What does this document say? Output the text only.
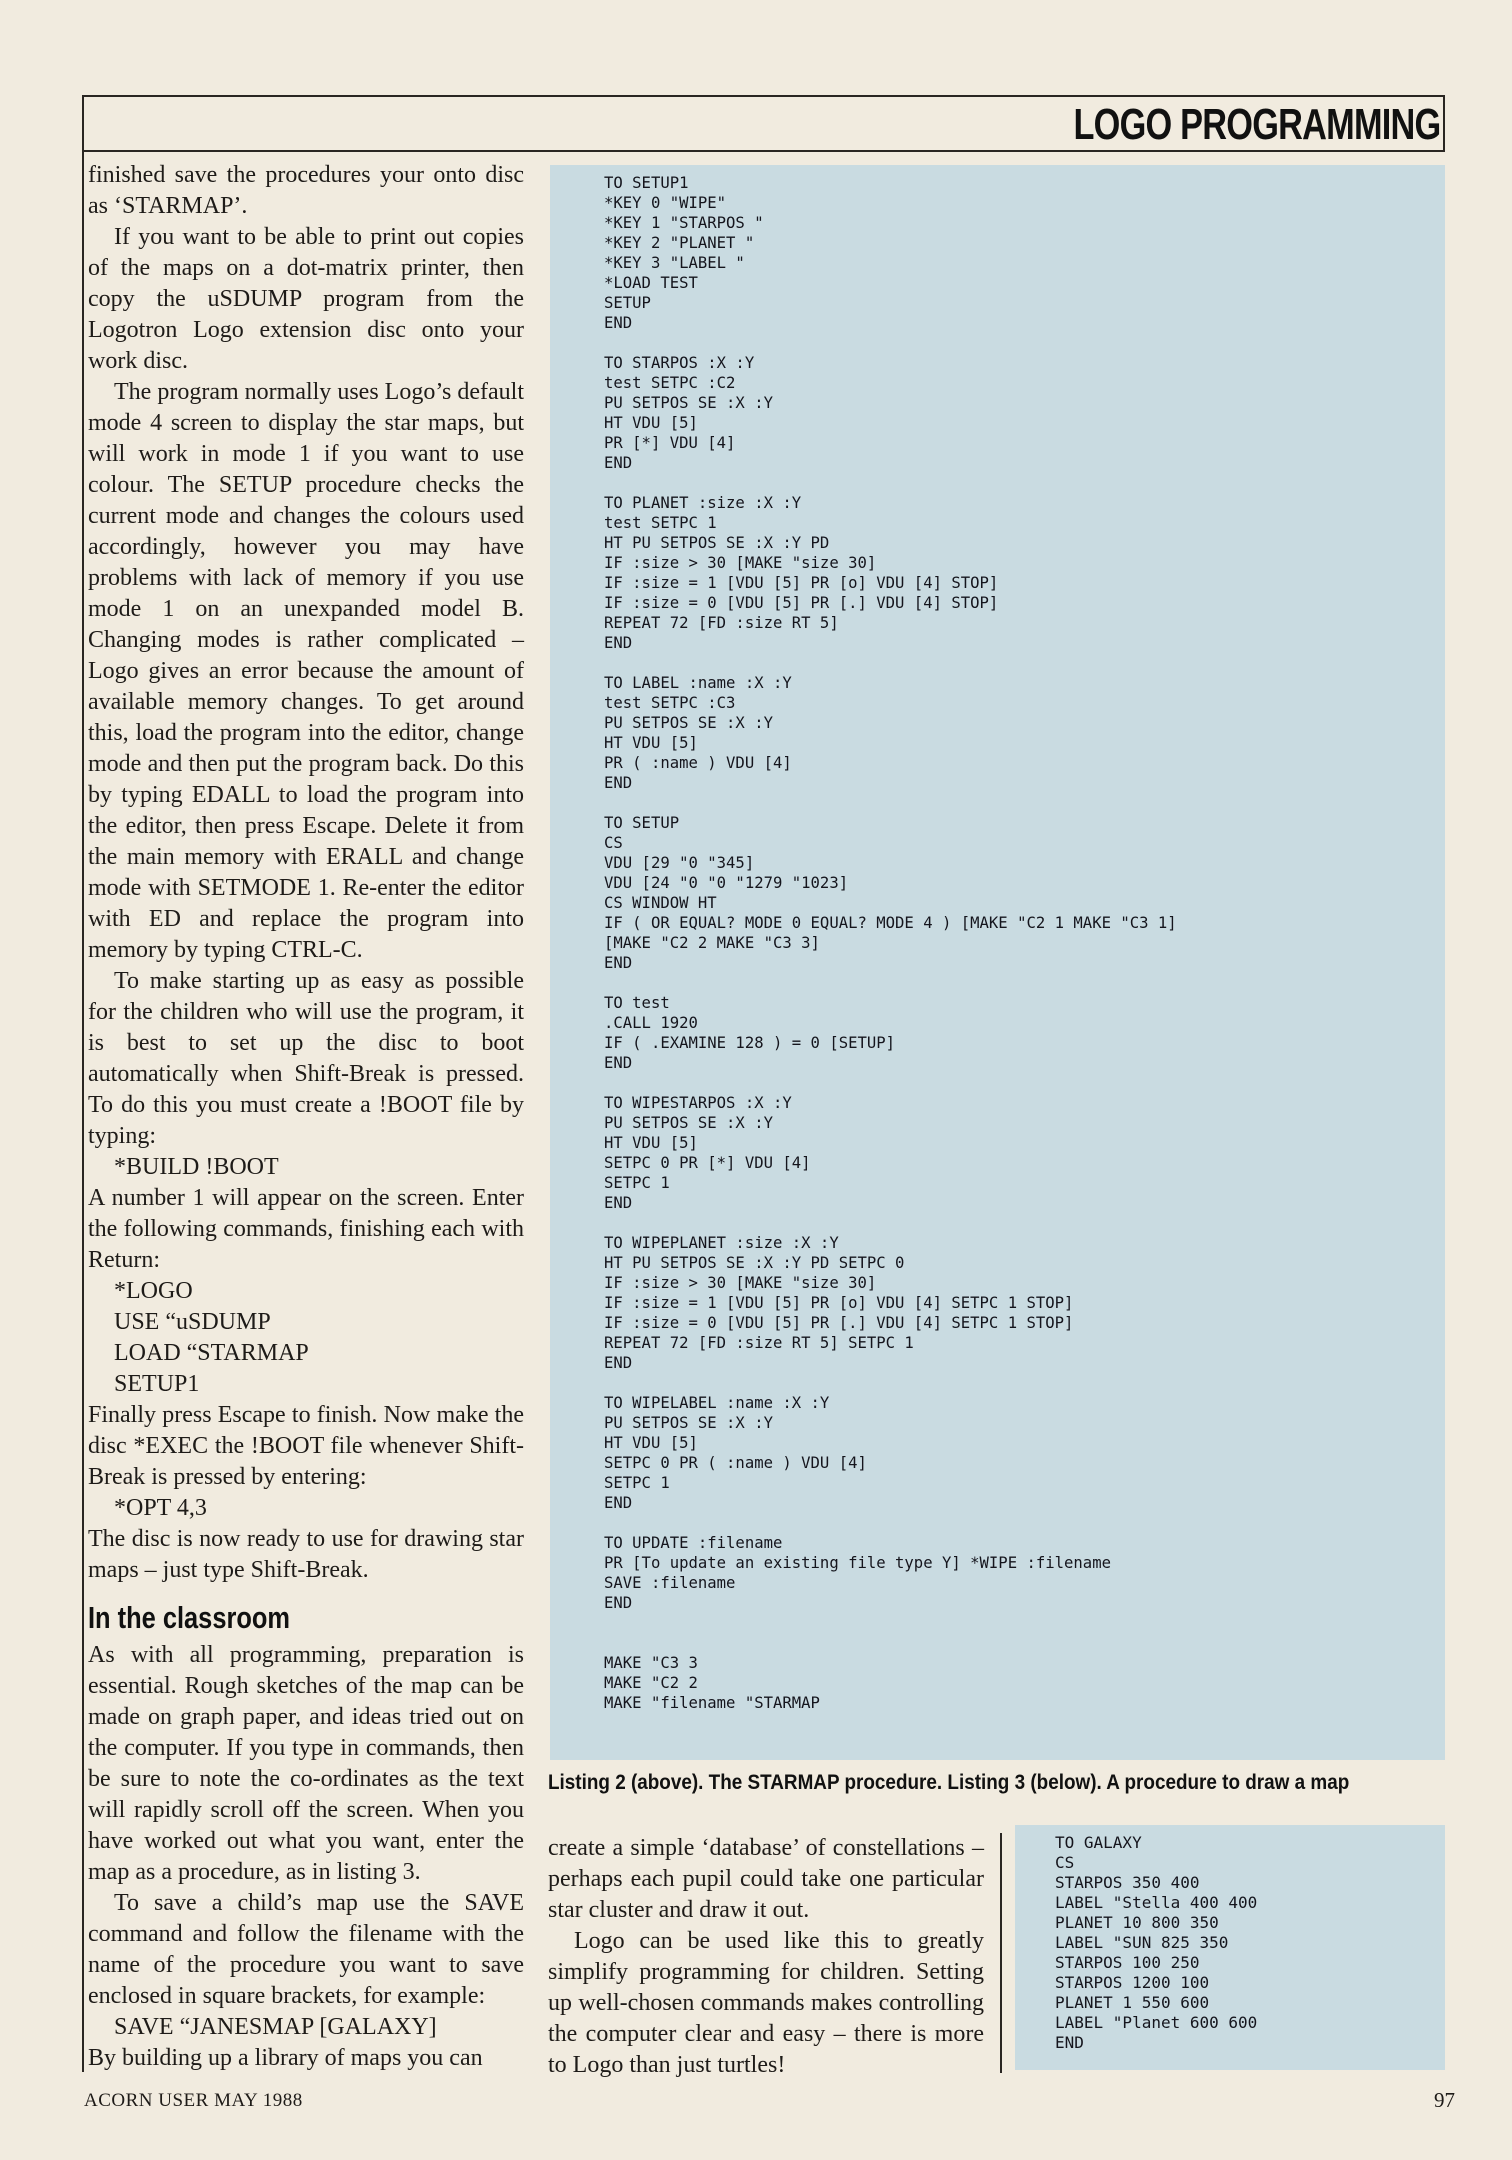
LOGO PROGRAMMING

finished save the procedures your onto disc as ‘STARMAP’.

If you want to be able to print out copies of the maps on a dot-matrix printer, then copy the uSDUMP program from the Logotron Logo extension disc onto your work disc.

The program normally uses Logo’s default mode 4 screen to display the star maps, but will work in mode 1 if you want to use colour. The SETUP procedure checks the current mode and changes the colours used accordingly, however you may have problems with lack of memory if you use mode 1 on an unexpanded model B. Changing modes is rather complicated – Logo gives an error because the amount of available memory changes. To get around this, load the program into the editor, change mode and then put the program back. Do this by typing EDALL to load the program into the editor, then press Escape. Delete it from the main memory with ERALL and change mode with SETMODE 1. Re-enter the editor with ED and replace the program into memory by typing CTRL-C.

To make starting up as easy as possible for the children who will use the program, it is best to set up the disc to boot automatically when Shift-Break is pressed. To do this you must create a !BOOT file by typing:

*BUILD !BOOT

A number 1 will appear on the screen. Enter the following commands, finishing each with Return:

*LOGO

USE “uSDUMP

LOAD “STARMAP

SETUP1

Finally press Escape to finish. Now make the disc *EXEC the !BOOT file whenever Shift-Break is pressed by entering:

*OPT 4,3

The disc is now ready to use for drawing star maps – just type Shift-Break.

In the classroom

As with all programming, preparation is essential. Rough sketches of the map can be made on graph paper, and ideas tried out on the computer. If you type in commands, then be sure to note the co-ordinates as the text will rapidly scroll off the screen. When you have worked out what you want, enter the map as a procedure, as in listing 3.

To save a child’s map use the SAVE command and follow the filename with the name of the procedure you want to save enclosed in square brackets, for example:

SAVE “JANESMAP [GALAXY]

By building up a library of maps you can

TO SETUP1
*KEY 0 "WIPE"
*KEY 1 "STARPOS "
*KEY 2 "PLANET "
*KEY 3 "LABEL "
*LOAD TEST
SETUP
END

TO STARPOS :X :Y
test SETPC :C2
PU SETPOS SE :X :Y
HT VDU [5]
PR [*] VDU [4]
END

TO PLANET :size :X :Y
test SETPC 1
HT PU SETPOS SE :X :Y PD
IF :size > 30 [MAKE "size 30]
IF :size = 1 [VDU [5] PR [o] VDU [4] STOP]
IF :size = 0 [VDU [5] PR [.] VDU [4] STOP]
REPEAT 72 [FD :size RT 5]
END

TO LABEL :name :X :Y
test SETPC :C3
PU SETPOS SE :X :Y
HT VDU [5]
PR ( :name ) VDU [4]
END

TO SETUP
CS
VDU [29 "0 "345]
VDU [24 "0 "0 "1279 "1023]
CS WINDOW HT
IF ( OR EQUAL? MODE 0 EQUAL? MODE 4 ) [MAKE "C2 1 MAKE "C3 1]
[MAKE "C2 2 MAKE "C3 3]
END

TO test
.CALL 1920
IF ( .EXAMINE 128 ) = 0 [SETUP]
END

TO WIPESTARPOS :X :Y
PU SETPOS SE :X :Y
HT VDU [5]
SETPC 0 PR [*] VDU [4]
SETPC 1
END

TO WIPEPLANET :size :X :Y
HT PU SETPOS SE :X :Y PD SETPC 0
IF :size > 30 [MAKE "size 30]
IF :size = 1 [VDU [5] PR [o] VDU [4] SETPC 1 STOP]
IF :size = 0 [VDU [5] PR [.] VDU [4] SETPC 1 STOP]
REPEAT 72 [FD :size RT 5] SETPC 1
END

TO WIPELABEL :name :X :Y
PU SETPOS SE :X :Y
HT VDU [5]
SETPC 0 PR ( :name ) VDU [4]
SETPC 1
END

TO UPDATE :filename
PR [To update an existing file type Y] *WIPE :filename
SAVE :filename
END

MAKE "C3 3
MAKE "C2 2
MAKE "filename "STARMAP

Listing 2 (above). The STARMAP procedure. Listing 3 (below). A procedure to draw a map

create a simple ‘database’ of constellations – perhaps each pupil could take one particular star cluster and draw it out.

Logo can be used like this to greatly simplify programming for children. Setting up well-chosen commands makes controlling the computer clear and easy – there is more to Logo than just turtles!

TO GALAXY
CS
STARPOS 350 400
LABEL "Stella 400 400
PLANET 10 800 350
LABEL "SUN 825 350
STARPOS 100 250
STARPOS 1200 100
PLANET 1 550 600
LABEL "Planet 600 600
END

ACORN USER MAY 1988	97
